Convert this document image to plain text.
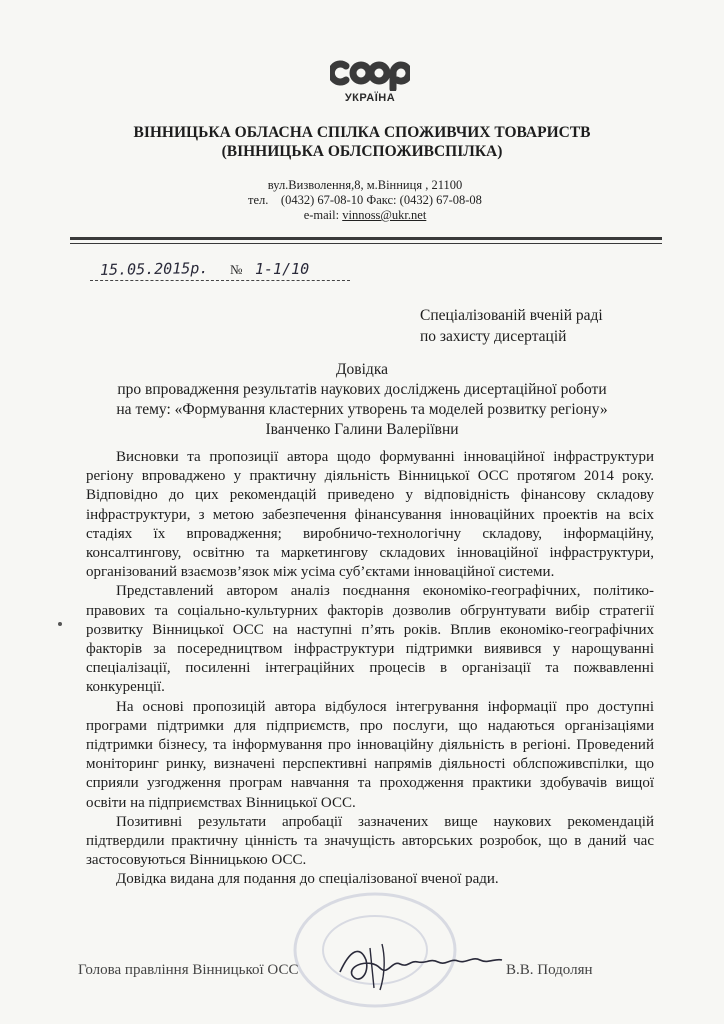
УКРАЇНА
ВІННИЦЬКА ОБЛАСНА СПІЛКА СПОЖИВЧИХ ТОВАРИСТВ
(ВІННИЦЬКА ОБЛСПОЖИВСПІЛКА)
вул.Визволення,8, м.Вінниця , 21100
тел.    (0432) 67-08-10 Факс: (0432) 67-08-08
e-mail: vinnoss@ukr.net
15.05.2015р. № 1-1/10
Спеціалізованій вченій раді
по захисту дисертацій
Довідка
про впровадження результатів наукових досліджень дисертаційної роботи
на тему: «Формування кластерних утворень та моделей розвитку регіону»
Іванченко Галини Валеріївни

Висновки та пропозиції автора щодо формуванні інноваційної інфраструктури регіону впроваджено у практичну діяльність Вінницької ОСС протягом 2014 року. Відповідно до цих рекомендацій приведено у відповідність фінансову складову інфраструктури, з метою забезпечення фінансування інноваційних проектів на всіх стадіях їх впровадження; виробничо-технологічну складову, інформаційну, консалтингову, освітню та маркетингову складових інноваційної інфраструктури, організований взаємозв’язок між усіма суб’єктами інноваційної системи.

Представлений автором аналіз поєднання економіко-географічних, політико-правових та соціально-культурних факторів дозволив обгрунтувати вибір стратегії розвитку Вінницької ОСС на наступні п’ять років. Вплив економіко-географічних факторів за посередництвом інфраструктури підтримки виявився у нарощуванні спеціалізації, посиленні інтеграційних процесів в організації та пожвавленні конкуренції.

На основі пропозицій автора відбулося інтегрування інформації про доступні програми підтримки для підприємств, про послуги, що надаються організаціями підтримки бізнесу, та інформування про інноваційну діяльність в регіоні. Проведений моніторинг ринку, визначені перспективні напрямів діяльності облспоживспілки, що сприяли узгодження програм навчання та проходження практики здобувачів вищої освіти на підприємствах Вінницької ОСС.

Позитивні результати апробації зазначених вище наукових рекомендацій підтвердили практичну цінність та значущість авторських розробок, що в даний час застосовуються Вінницькою ОСС.

Довідка видана для подання до спеціалізованої вченої ради.

Голова правління Вінницької ОСС	В.В. Подолян
